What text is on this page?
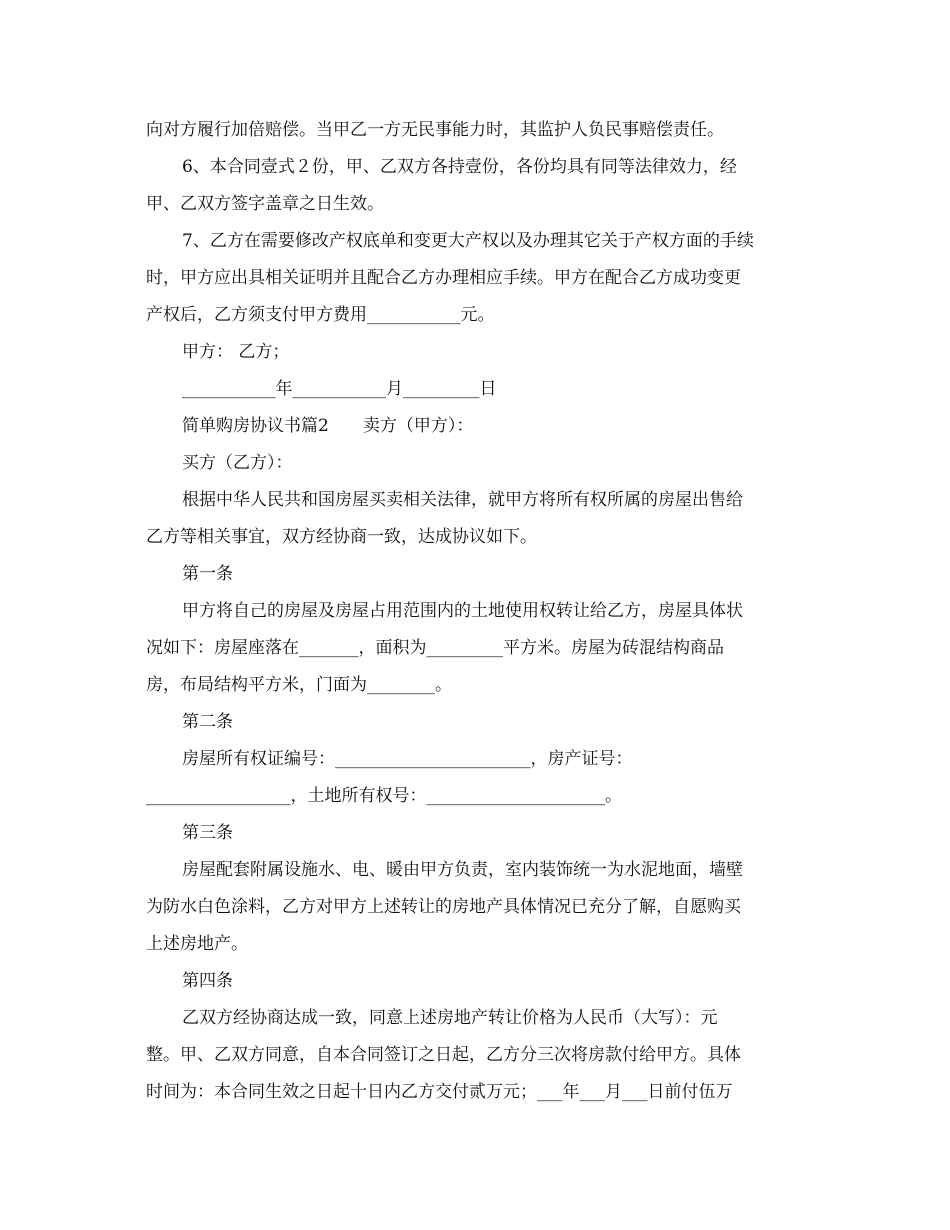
向对方履行加倍赔偿。当甲乙一方无民事能力时，其监护人负民事赔偿责任。
6、本合同壹式２份，甲、乙双方各持壹份，各份均具有同等法律效力，经
甲、乙双方签字盖章之日生效。
7、乙方在需要修改产权底单和变更大产权以及办理其它关于产权方面的手续
时，甲方应出具相关证明并且配合乙方办理相应手续。甲方在配合乙方成功变更
产权后，乙方须支付甲方费用___________元。
甲方： 乙方；
___________年___________月_________日
简单购房协议书篇2　　卖方（甲方）：
买方（乙方）：
根据中华人民共和国房屋买卖相关法律，就甲方将所有权所属的房屋出售给
乙方等相关事宜，双方经协商一致，达成协议如下。
第一条
甲方将自己的房屋及房屋占用范围内的土地使用权转让给乙方，房屋具体状
况如下：房屋座落在_______，面积为_________平方米。房屋为砖混结构商品
房，布局结构平方米，门面为________。
第二条
房屋所有权证编号：_______________________，房产证号：
_________________，土地所有权号：_____________________。
第三条
房屋配套附属设施水、电、暖由甲方负责，室内装饰统一为水泥地面，墙壁
为防水白色涂料，乙方对甲方上述转让的房地产具体情况已充分了解，自愿购买
上述房地产。
第四条
乙双方经协商达成一致，同意上述房地产转让价格为人民币（大写）：元
整。甲、乙双方同意，自本合同签订之日起，乙方分三次将房款付给甲方。具体
时间为：本合同生效之日起十日内乙方交付贰万元；___年___月___日前付伍万
